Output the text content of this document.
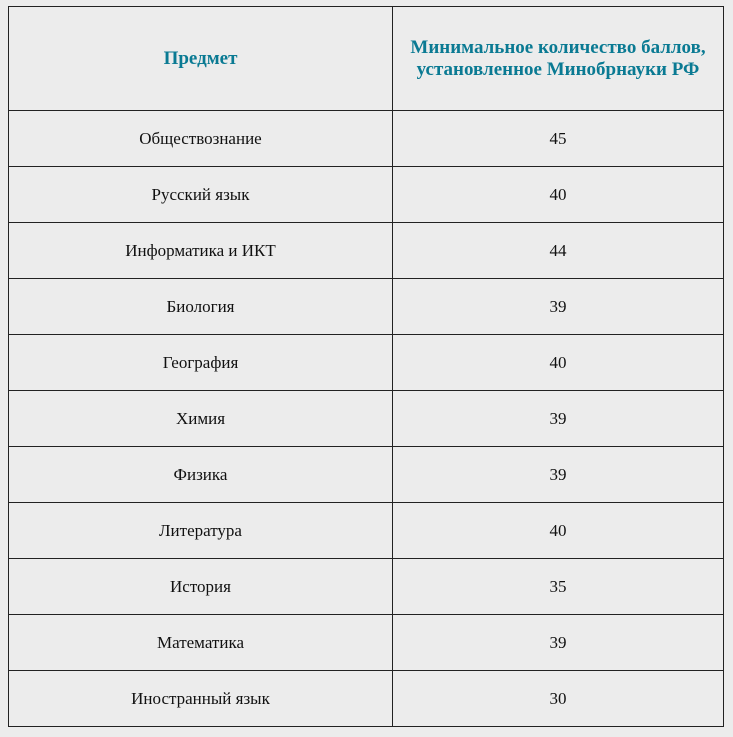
Предмет	Минимальное количество баллов, установленное Минобрнауки РФ
Обществознание	45
Русский язык	40
Информатика и ИКТ	44
Биология	39
География	40
Химия	39
Физика	39
Литература	40
История	35
Математика	39
Иностранный язык	30
